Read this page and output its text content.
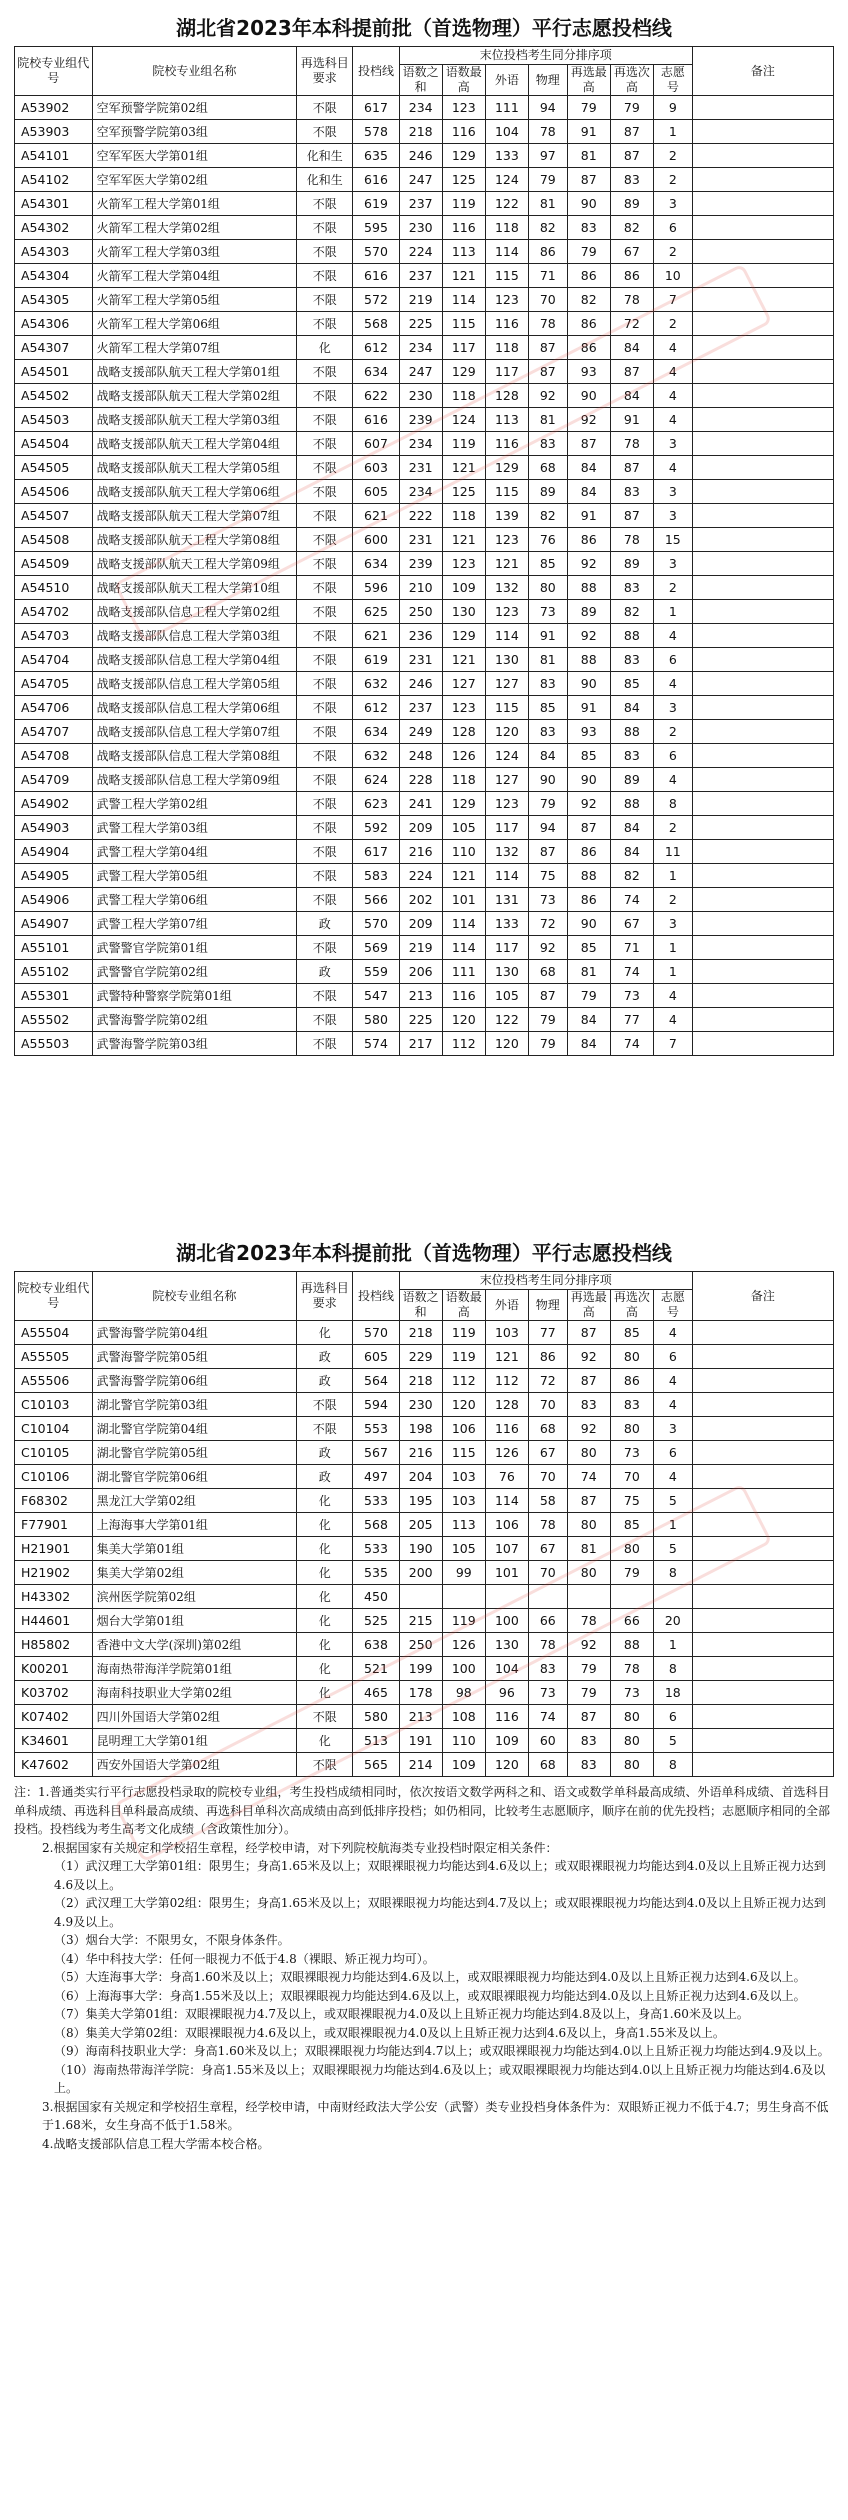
湖北省2023年本科提前批（首选物理）平行志愿投档线
院校专业组代号	院校专业组名称	再选科目要求	投档线	末位投档考生同分排序项							备注
				语数之和	语数最高	外语	物理	再选最高	再选次高	志愿号	
A53902	空军预警学院第02组	不限	617	234	123	111	94	79	79	9	
A53903	空军预警学院第03组	不限	578	218	116	104	78	91	87	1	
A54101	空军军医大学第01组	化和生	635	246	129	133	97	81	87	2	
A54102	空军军医大学第02组	化和生	616	247	125	124	79	87	83	2	
A54301	火箭军工程大学第01组	不限	619	237	119	122	81	90	89	3	
A54302	火箭军工程大学第02组	不限	595	230	116	118	82	83	82	6	
A54303	火箭军工程大学第03组	不限	570	224	113	114	86	79	67	2	
A54304	火箭军工程大学第04组	不限	616	237	121	115	71	86	86	10	
A54305	火箭军工程大学第05组	不限	572	219	114	123	70	82	78	7	
A54306	火箭军工程大学第06组	不限	568	225	115	116	78	86	72	2	
A54307	火箭军工程大学第07组	化	612	234	117	118	87	86	84	4	
A54501	战略支援部队航天工程大学第01组	不限	634	247	129	117	87	93	87	4	
A54502	战略支援部队航天工程大学第02组	不限	622	230	118	128	92	90	84	4	
A54503	战略支援部队航天工程大学第03组	不限	616	239	124	113	81	92	91	4	
A54504	战略支援部队航天工程大学第04组	不限	607	234	119	116	83	87	78	3	
A54505	战略支援部队航天工程大学第05组	不限	603	231	121	129	68	84	87	4	
A54506	战略支援部队航天工程大学第06组	不限	605	234	125	115	89	84	83	3	
A54507	战略支援部队航天工程大学第07组	不限	621	222	118	139	82	91	87	3	
A54508	战略支援部队航天工程大学第08组	不限	600	231	121	123	76	86	78	15	
A54509	战略支援部队航天工程大学第09组	不限	634	239	123	121	85	92	89	3	
A54510	战略支援部队航天工程大学第10组	不限	596	210	109	132	80	88	83	2	
A54702	战略支援部队信息工程大学第02组	不限	625	250	130	123	73	89	82	1	
A54703	战略支援部队信息工程大学第03组	不限	621	236	129	114	91	92	88	4	
A54704	战略支援部队信息工程大学第04组	不限	619	231	121	130	81	88	83	6	
A54705	战略支援部队信息工程大学第05组	不限	632	246	127	127	83	90	85	4	
A54706	战略支援部队信息工程大学第06组	不限	612	237	123	115	85	91	84	3	
A54707	战略支援部队信息工程大学第07组	不限	634	249	128	120	83	93	88	2	
A54708	战略支援部队信息工程大学第08组	不限	632	248	126	124	84	85	83	6	
A54709	战略支援部队信息工程大学第09组	不限	624	228	118	127	90	90	89	4	
A54902	武警工程大学第02组	不限	623	241	129	123	79	92	88	8	
A54903	武警工程大学第03组	不限	592	209	105	117	94	87	84	2	
A54904	武警工程大学第04组	不限	617	216	110	132	87	86	84	11	
A54905	武警工程大学第05组	不限	583	224	121	114	75	88	82	1	
A54906	武警工程大学第06组	不限	566	202	101	131	73	86	74	2	
A54907	武警工程大学第07组	政	570	209	114	133	72	90	67	3	
A55101	武警警官学院第01组	不限	569	219	114	117	92	85	71	1	
A55102	武警警官学院第02组	政	559	206	111	130	68	81	74	1	
A55301	武警特种警察学院第01组	不限	547	213	116	105	87	79	73	4	
A55502	武警海警学院第02组	不限	580	225	120	122	79	84	77	4	
A55503	武警海警学院第03组	不限	574	217	112	120	79	84	74	7	
湖北省2023年本科提前批（首选物理）平行志愿投档线
院校专业组代号	院校专业组名称	再选科目要求	投档线	末位投档考生同分排序项							备注
				语数之和	语数最高	外语	物理	再选最高	再选次高	志愿号	
A55504	武警海警学院第04组	化	570	218	119	103	77	87	85	4	
A55505	武警海警学院第05组	政	605	229	119	121	86	92	80	6	
A55506	武警海警学院第06组	政	564	218	112	112	72	87	86	4	
C10103	湖北警官学院第03组	不限	594	230	120	128	70	83	83	4	
C10104	湖北警官学院第04组	不限	553	198	106	116	68	92	80	3	
C10105	湖北警官学院第05组	政	567	216	115	126	67	80	73	6	
C10106	湖北警官学院第06组	政	497	204	103	76	70	74	70	4	
F68302	黑龙江大学第02组	化	533	195	103	114	58	87	75	5	
F77901	上海海事大学第01组	化	568	205	113	106	78	80	85	1	
H21901	集美大学第01组	化	533	190	105	107	67	81	80	5	
H21902	集美大学第02组	化	535	200	99	101	70	80	79	8	
H43302	滨州医学院第02组	化	450								
H44601	烟台大学第01组	化	525	215	119	100	66	78	66	20	
H85802	香港中文大学(深圳)第02组	化	638	250	126	130	78	92	88	1	
K00201	海南热带海洋学院第01组	化	521	199	100	104	83	79	78	8	
K03702	海南科技职业大学第02组	化	465	178	98	96	73	79	73	18	
K07402	四川外国语大学第02组	不限	580	213	108	116	74	87	80	6	
K34601	昆明理工大学第01组	化	513	191	110	109	60	83	80	5	
K47602	西安外国语大学第02组	不限	565	214	109	120	68	83	80	8	

注：1.普通类实行平行志愿投档录取的院校专业组，考生投档成绩相同时，依次按语文数学两科之和、语文或数学单科最高成绩、外语单科成绩、首选科目单科成绩、再选科目单科最高成绩、再选科目单科次高成绩由高到低排序投档；如仍相同，比较考生志愿顺序，顺序在前的优先投档；志愿顺序相同的全部投档。投档线为考生高考文化成绩（含政策性加分）。

2.根据国家有关规定和学校招生章程，经学校申请，对下列院校航海类专业投档时限定相关条件：

（1）武汉理工大学第01组：限男生；身高1.65米及以上；双眼裸眼视力均能达到4.6及以上；或双眼裸眼视力均能达到4.0及以上且矫正视力达到4.6及以上。

（2）武汉理工大学第02组：限男生；身高1.65米及以上；双眼裸眼视力均能达到4.7及以上；或双眼裸眼视力均能达到4.0及以上且矫正视力达到4.9及以上。

（3）烟台大学：不限男女，不限身体条件。

（4）华中科技大学：任何一眼视力不低于4.8（裸眼、矫正视力均可）。

（5）大连海事大学：身高1.60米及以上；双眼裸眼视力均能达到4.6及以上，或双眼裸眼视力均能达到4.0及以上且矫正视力达到4.6及以上。

（6）上海海事大学：身高1.55米及以上；双眼裸眼视力均能达到4.6及以上，或双眼裸眼视力均能达到4.0及以上且矫正视力达到4.6及以上。

（7）集美大学第01组：双眼裸眼视力4.7及以上，或双眼裸眼视力4.0及以上且矫正视力均能达到4.8及以上，身高1.60米及以上。

（8）集美大学第02组：双眼裸眼视力4.6及以上，或双眼裸眼视力4.0及以上且矫正视力达到4.6及以上，身高1.55米及以上。

（9）海南科技职业大学：身高1.60米及以上；双眼裸眼视力均能达到4.7以上；或双眼裸眼视力均能达到4.0以上且矫正视力均能达到4.9及以上。

（10）海南热带海洋学院：身高1.55米及以上；双眼裸眼视力均能达到4.6及以上；或双眼裸眼视力均能达到4.0以上且矫正视力均能达到4.6及以上。

3.根据国家有关规定和学校招生章程，经学校申请，中南财经政法大学公安（武警）类专业投档身体条件为：双眼矫正视力不低于4.7；男生身高不低于1.68米，女生身高不低于1.58米。

4.战略支援部队信息工程大学需本校合格。
